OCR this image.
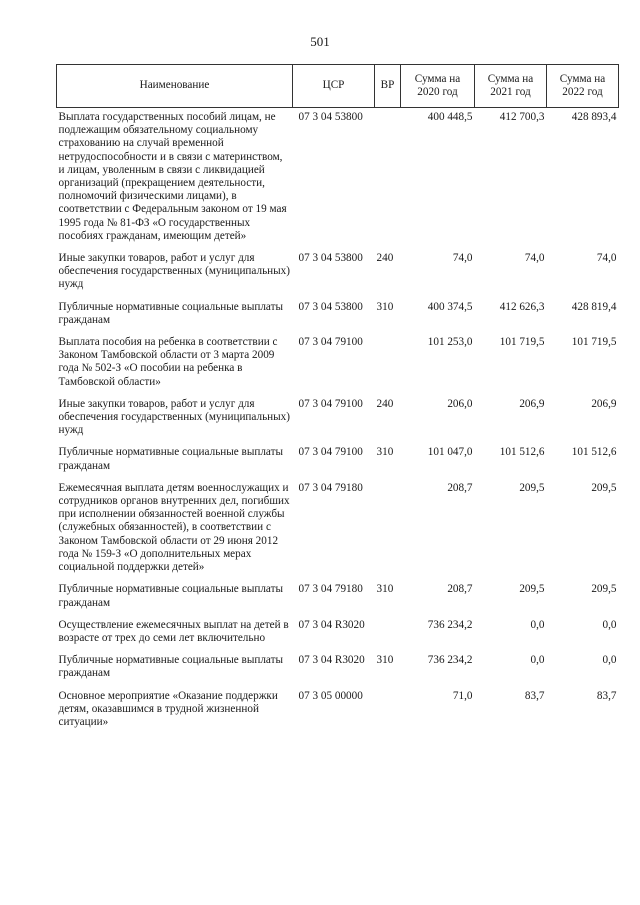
501
Наименование	ЦСР	ВР	Сумма на 2020 год	Сумма на 2021 год	Сумма на 2022 год
Выплата государственных пособий лицам, не подлежащим обязательному социальному страхованию на случай временной нетрудоспособности и в связи с материнством, и лицам, уволенным в связи с ликвидацией организаций (прекращением деятельности, полномочий физическими лицами), в соответствии с Федеральным законом от 19 мая 1995 года № 81-ФЗ «О государственных пособиях гражданам, имеющим детей»	07 3 04 53800		400 448,5	412 700,3	428 893,4
Иные закупки товаров, работ и услуг для обеспечения государственных (муниципальных) нужд	07 3 04 53800	240	74,0	74,0	74,0
Публичные нормативные социальные выплаты гражданам	07 3 04 53800	310	400 374,5	412 626,3	428 819,4
Выплата пособия на ребенка в соответствии с Законом Тамбовской области от 3 марта 2009 года № 502-З «О пособии на ребенка в Тамбовской области»	07 3 04 79100		101 253,0	101 719,5	101 719,5
Иные закупки товаров, работ и услуг для обеспечения государственных (муниципальных) нужд	07 3 04 79100	240	206,0	206,9	206,9
Публичные нормативные социальные выплаты гражданам	07 3 04 79100	310	101 047,0	101 512,6	101 512,6
Ежемесячная выплата детям военнослужащих и сотрудников органов внутренних дел, погибших при исполнении обязанностей военной службы (служебных обязанностей), в соответствии с Законом Тамбовской области от 29 июня 2012 года № 159-З «О дополнительных мерах социальной поддержки детей»	07 3 04 79180		208,7	209,5	209,5
Публичные нормативные социальные выплаты гражданам	07 3 04 79180	310	208,7	209,5	209,5
Осуществление ежемесячных выплат на детей в возрасте от трех до семи лет включительно	07 3 04 R3020		736 234,2	0,0	0,0
Публичные нормативные социальные выплаты гражданам	07 3 04 R3020	310	736 234,2	0,0	0,0
Основное мероприятие «Оказание поддержки детям, оказавшимся в трудной жизненной ситуации»	07 3 05 00000		71,0	83,7	83,7
